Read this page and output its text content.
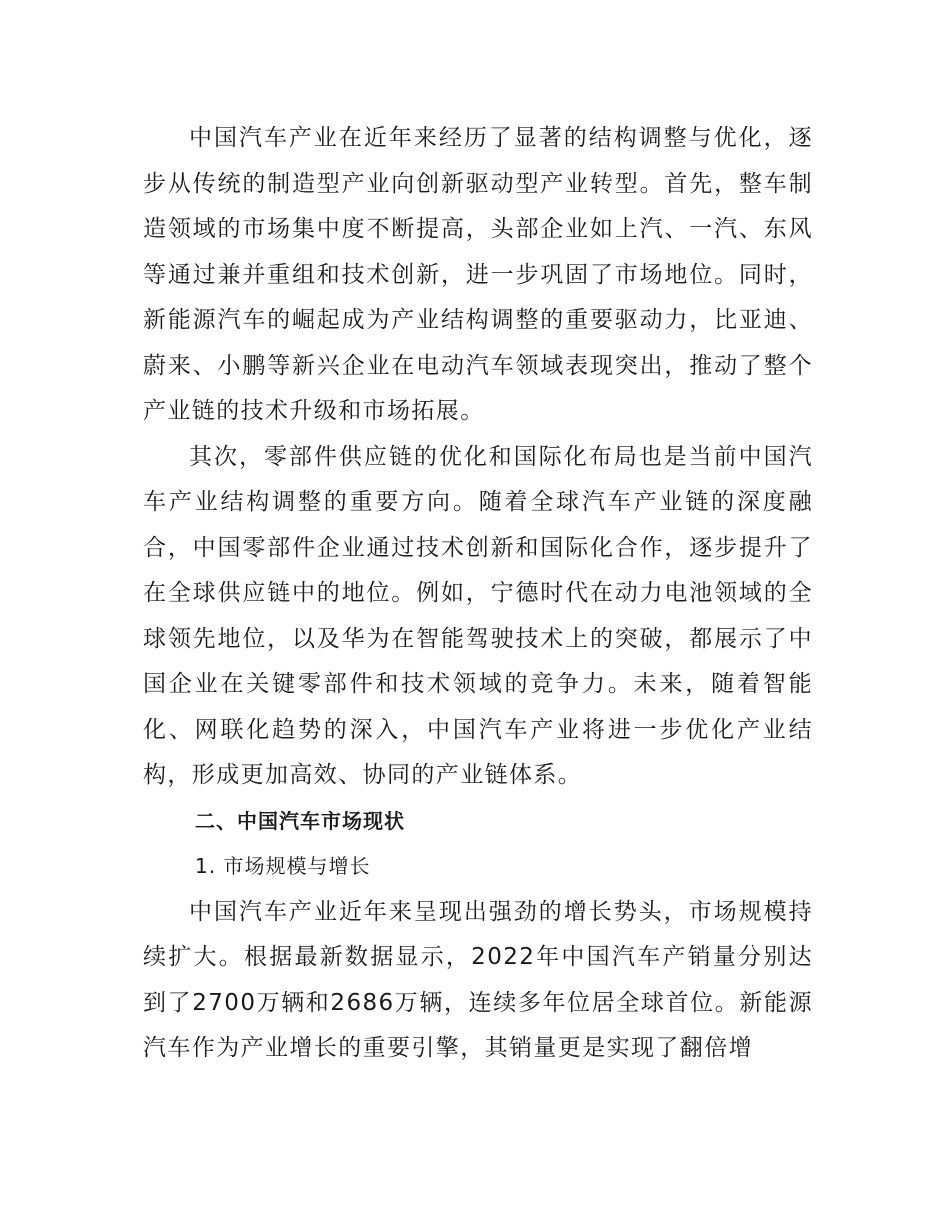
中国汽车产业在近年来经历了显著的结构调整与优化，逐步从传统的制造型产业向创新驱动型产业转型。首先，整车制造领域的市场集中度不断提高，头部企业如上汽、一汽、东风等通过兼并重组和技术创新，进一步巩固了市场地位。同时，新能源汽车的崛起成为产业结构调整的重要驱动力，比亚迪、蔚来、小鹏等新兴企业在电动汽车领域表现突出，推动了整个产业链的技术升级和市场拓展。

其次，零部件供应链的优化和国际化布局也是当前中国汽车产业结构调整的重要方向。随着全球汽车产业链的深度融合，中国零部件企业通过技术创新和国际化合作，逐步提升了在全球供应链中的地位。例如，宁德时代在动力电池领域的全球领先地位，以及华为在智能驾驶技术上的突破，都展示了中国企业在关键零部件和技术领域的竞争力。未来，随着智能化、网联化趋势的深入，中国汽车产业将进一步优化产业结构，形成更加高效、协同的产业链体系。

二、中国汽车市场现状

1. 市场规模与增长

中国汽车产业近年来呈现出强劲的增长势头，市场规模持续扩大。根据最新数据显示，2022年中国汽车产销量分别达到了2700万辆和2686万辆，连续多年位居全球首位。新能源汽车作为产业增长的重要引擎，其销量更是实现了翻倍增
